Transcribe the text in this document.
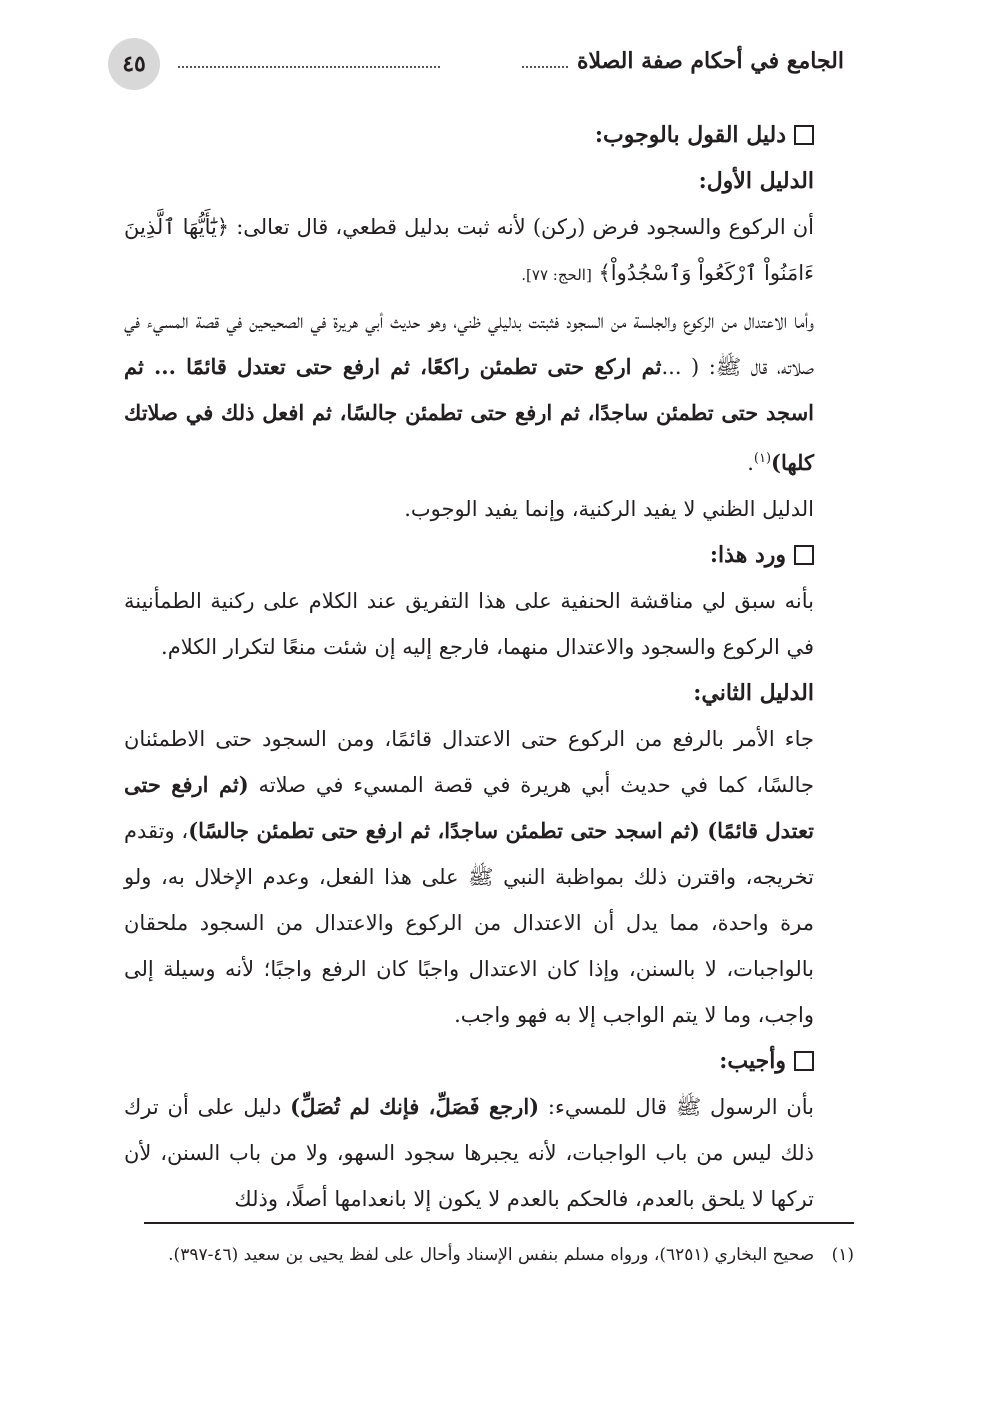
٤٥	الجامع في أحكام صفة الصلاة
دليل القول بالوجوب:
الدليل الأول:

أن الركوع والسجود فرض (ركن) لأنه ثبت بدليل قطعي، قال تعالى: ﴿يَٰٓأَيُّهَا ٱلَّذِينَ ءَامَنُواْ ٱرْكَعُواْ وَٱسْجُدُواْ﴾ [الحج: ٧٧].

وأما الاعتدال من الركوع والجلسة من السجود فثبتت بدليلي ظني، وهو حديث أبي هريرة في الصحيحين في قصة المسيء في صلاته، قال ﷺ: ( ...ثم اركع حتى تطمئن راكعًا، ثم ارفع حتى تعتدل قائمًا ... ثم اسجد حتى تطمئن ساجدًا، ثم ارفع حتى تطمئن جالسًا، ثم افعل ذلك في صلاتك كلها)$^{(١)}$.

الدليل الظني لا يفيد الركنية، وإنما يفيد الوجوب.

ورد هذا:

بأنه سبق لي مناقشة الحنفية على هذا التفريق عند الكلام على ركنية الطمأنينة في الركوع والسجود والاعتدال منهما، فارجع إليه إن شئت منعًا لتكرار الكلام.

الدليل الثاني:

جاء الأمر بالرفع من الركوع حتى الاعتدال قائمًا، ومن السجود حتى الاطمئنان جالسًا، كما في حديث أبي هريرة في قصة المسيء في صلاته (ثم ارفع حتى تعتدل قائمًا) (ثم اسجد حتى تطمئن ساجدًا، ثم ارفع حتى تطمئن جالسًا)، وتقدم تخريجه، واقترن ذلك بمواظبة النبي ﷺ على هذا الفعل، وعدم الإخلال به، ولو مرة واحدة، مما يدل أن الاعتدال من الركوع والاعتدال من السجود ملحقان بالواجبات، لا بالسنن، وإذا كان الاعتدال واجبًا كان الرفع واجبًا؛ لأنه وسيلة إلى واجب، وما لا يتم الواجب إلا به فهو واجب.

وأجيب:

بأن الرسول ﷺ قال للمسيء: (ارجع فَصَلِّ، فإنك لم تُصَلِّ) دليل على أن ترك ذلك ليس من باب الواجبات، لأنه يجبرها سجود السهو، ولا من باب السنن، لأن تركها لا يلحق بالعدم، فالحكم بالعدم لا يكون إلا بانعدامها أصلًا، وذلك

(١) صحيح البخاري (٦٢٥١)، ورواه مسلم بنفس الإسناد وأحال على لفظ يحيى بن سعيد (٤٦-٣٩٧).
